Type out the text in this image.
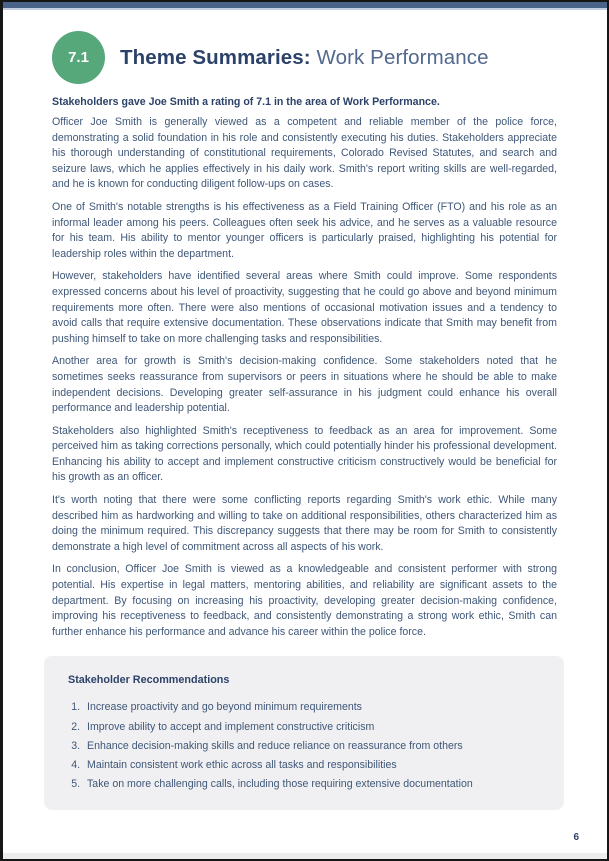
7.1 Theme Summaries: Work Performance
Stakeholders gave Joe Smith a rating of 7.1 in the area of Work Performance.

Officer Joe Smith is generally viewed as a competent and reliable member of the police force, demonstrating a solid foundation in his role and consistently executing his duties. Stakeholders appreciate his thorough understanding of constitutional requirements, Colorado Revised Statutes, and search and seizure laws, which he applies effectively in his daily work. Smith's report writing skills are well-regarded, and he is known for conducting diligent follow-ups on cases.

One of Smith's notable strengths is his effectiveness as a Field Training Officer (FTO) and his role as an informal leader among his peers. Colleagues often seek his advice, and he serves as a valuable resource for his team. His ability to mentor younger officers is particularly praised, highlighting his potential for leadership roles within the department.

However, stakeholders have identified several areas where Smith could improve. Some respondents expressed concerns about his level of proactivity, suggesting that he could go above and beyond minimum requirements more often. There were also mentions of occasional motivation issues and a tendency to avoid calls that require extensive documentation. These observations indicate that Smith may benefit from pushing himself to take on more challenging tasks and responsibilities.

Another area for growth is Smith's decision-making confidence. Some stakeholders noted that he sometimes seeks reassurance from supervisors or peers in situations where he should be able to make independent decisions. Developing greater self-assurance in his judgment could enhance his overall performance and leadership potential.

Stakeholders also highlighted Smith's receptiveness to feedback as an area for improvement. Some perceived him as taking corrections personally, which could potentially hinder his professional development. Enhancing his ability to accept and implement constructive criticism constructively would be beneficial for his growth as an officer.

It's worth noting that there were some conflicting reports regarding Smith's work ethic. While many described him as hardworking and willing to take on additional responsibilities, others characterized him as doing the minimum required. This discrepancy suggests that there may be room for Smith to consistently demonstrate a high level of commitment across all aspects of his work.

In conclusion, Officer Joe Smith is viewed as a knowledgeable and consistent performer with strong potential. His expertise in legal matters, mentoring abilities, and reliability are significant assets to the department. By focusing on increasing his proactivity, developing greater decision-making confidence, improving his receptiveness to feedback, and consistently demonstrating a strong work ethic, Smith can further enhance his performance and advance his career within the police force.

Stakeholder Recommendations
1. Increase proactivity and go beyond minimum requirements
2. Improve ability to accept and implement constructive criticism
3. Enhance decision-making skills and reduce reliance on reassurance from others
4. Maintain consistent work ethic across all tasks and responsibilities
5. Take on more challenging calls, including those requiring extensive documentation
6
